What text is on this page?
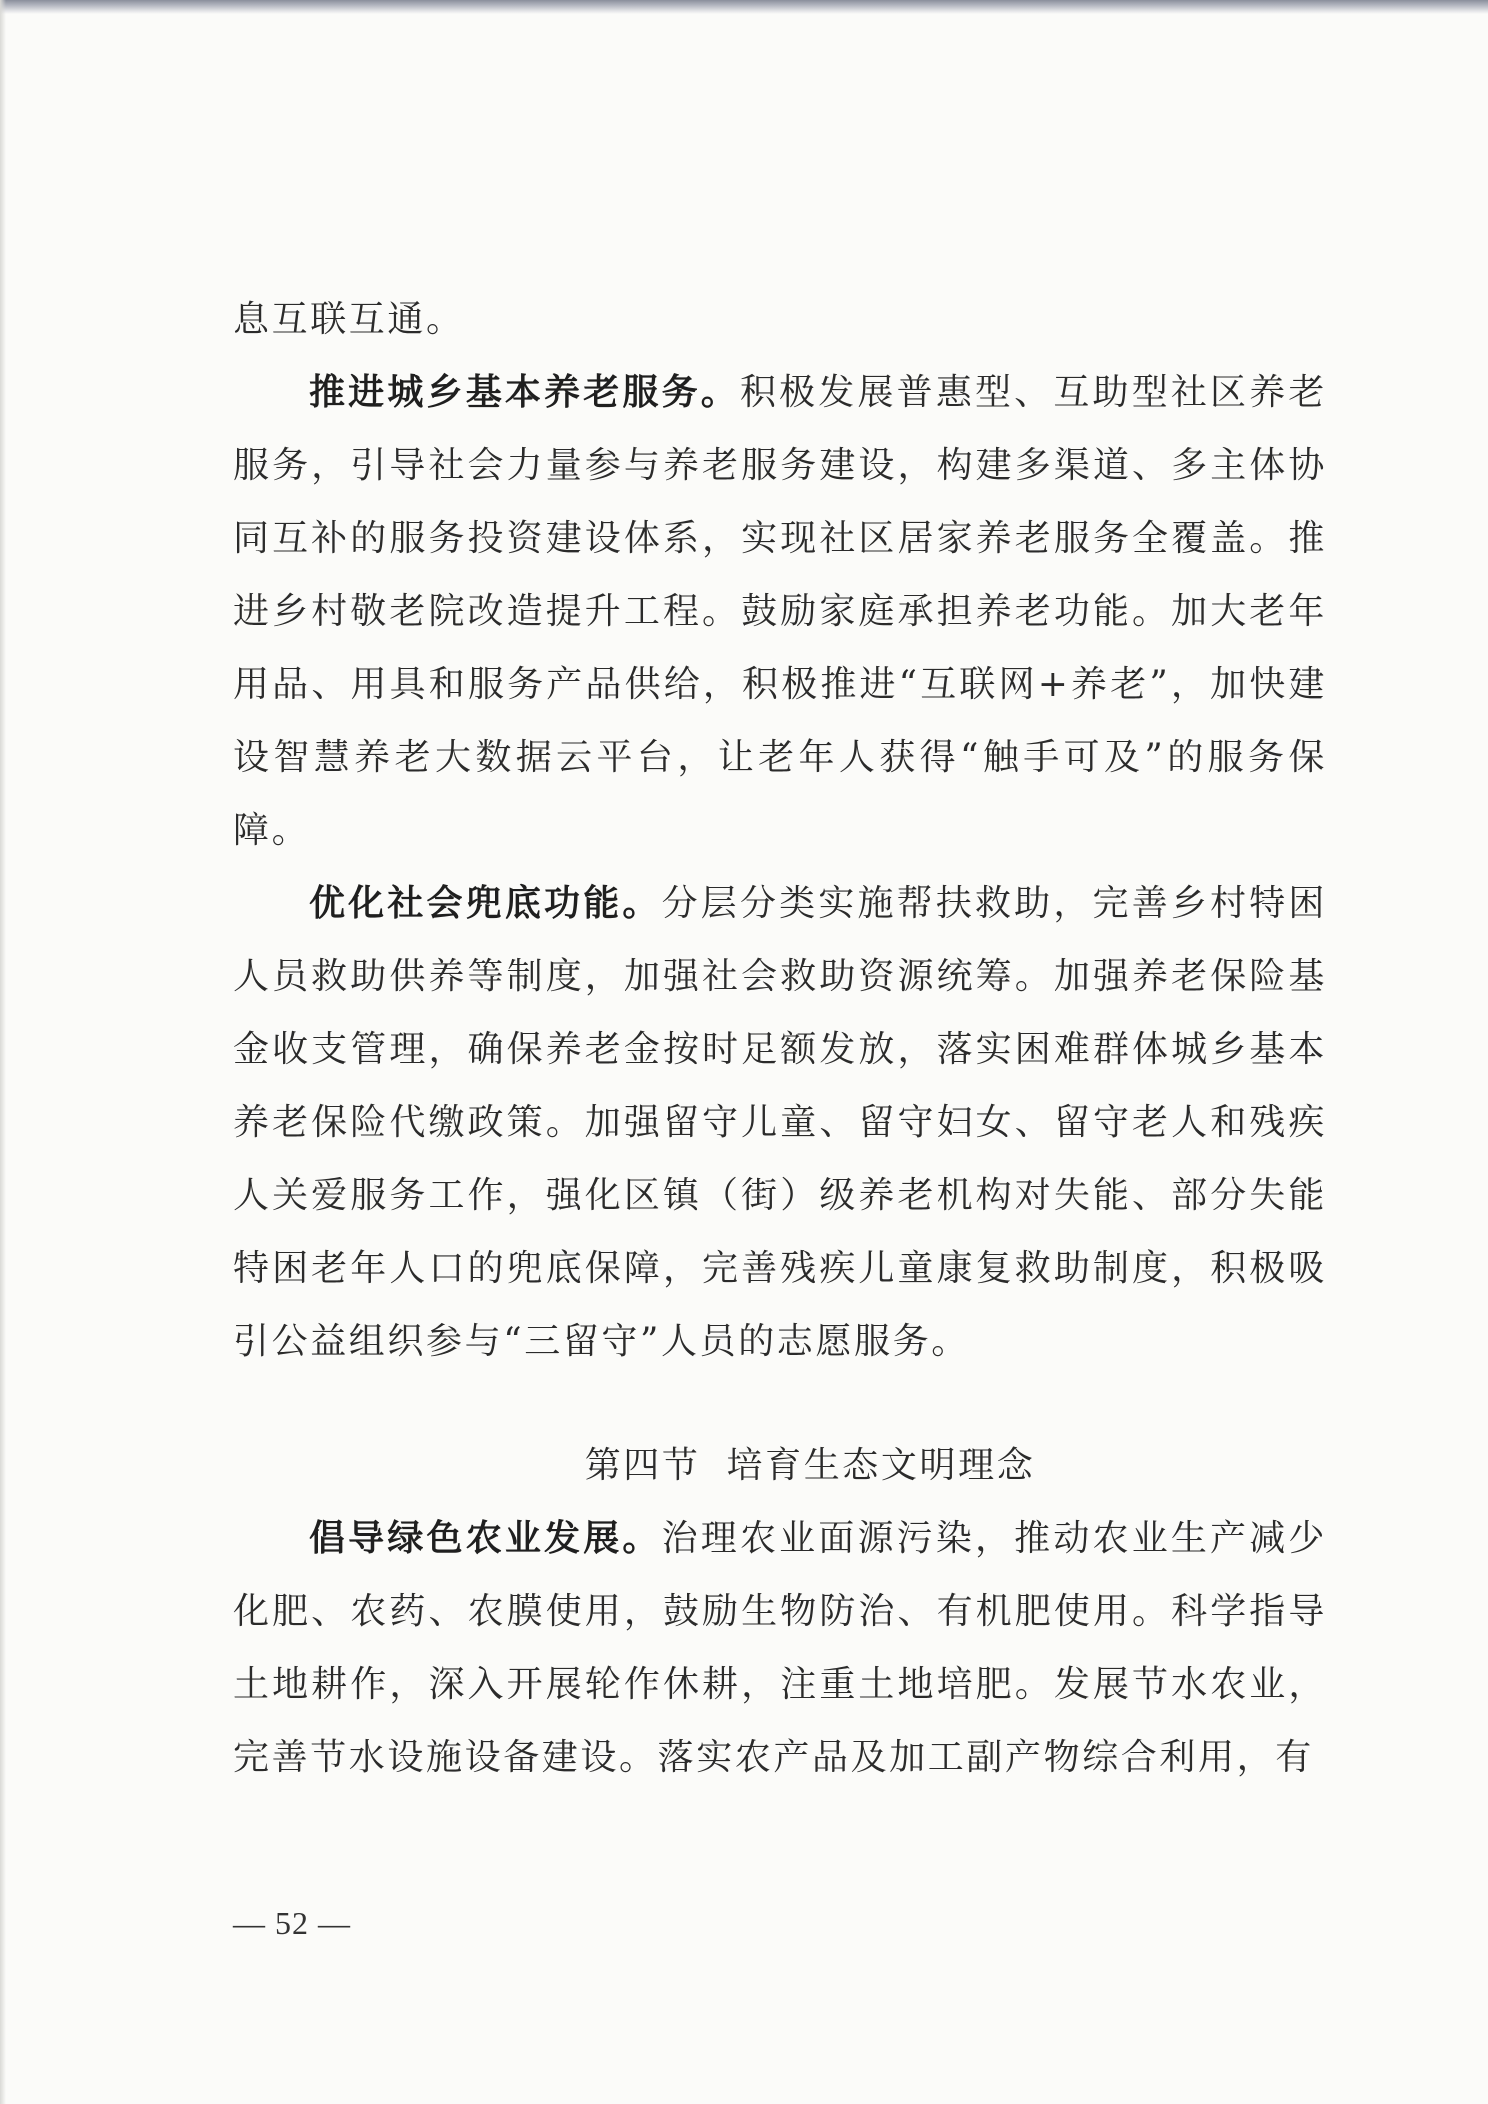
息互联互通。

推进城乡基本养老服务。积极发展普惠型、互助型社区养老服务，引导社会力量参与养老服务建设，构建多渠道、多主体协同互补的服务投资建设体系，实现社区居家养老服务全覆盖。推进乡村敬老院改造提升工程。鼓励家庭承担养老功能。加大老年用品、用具和服务产品供给，积极推进“互联网+养老”，加快建设智慧养老大数据云平台，让老年人获得“触手可及”的服务保障。

优化社会兜底功能。分层分类实施帮扶救助，完善乡村特困人员救助供养等制度，加强社会救助资源统筹。加强养老保险基金收支管理，确保养老金按时足额发放，落实困难群体城乡基本养老保险代缴政策。加强留守儿童、留守妇女、留守老人和残疾人关爱服务工作，强化区镇（街）级养老机构对失能、部分失能特困老年人口的兜底保障，完善残疾儿童康复救助制度，积极吸引公益组织参与“三留守”人员的志愿服务。

第四节 培育生态文明理念

倡导绿色农业发展。治理农业面源污染，推动农业生产减少化肥、农药、农膜使用，鼓励生物防治、有机肥使用。科学指导土地耕作，深入开展轮作休耕，注重土地培肥。发展节水农业，完善节水设施设备建设。落实农产品及加工副产物综合利用，有

— 52 —
